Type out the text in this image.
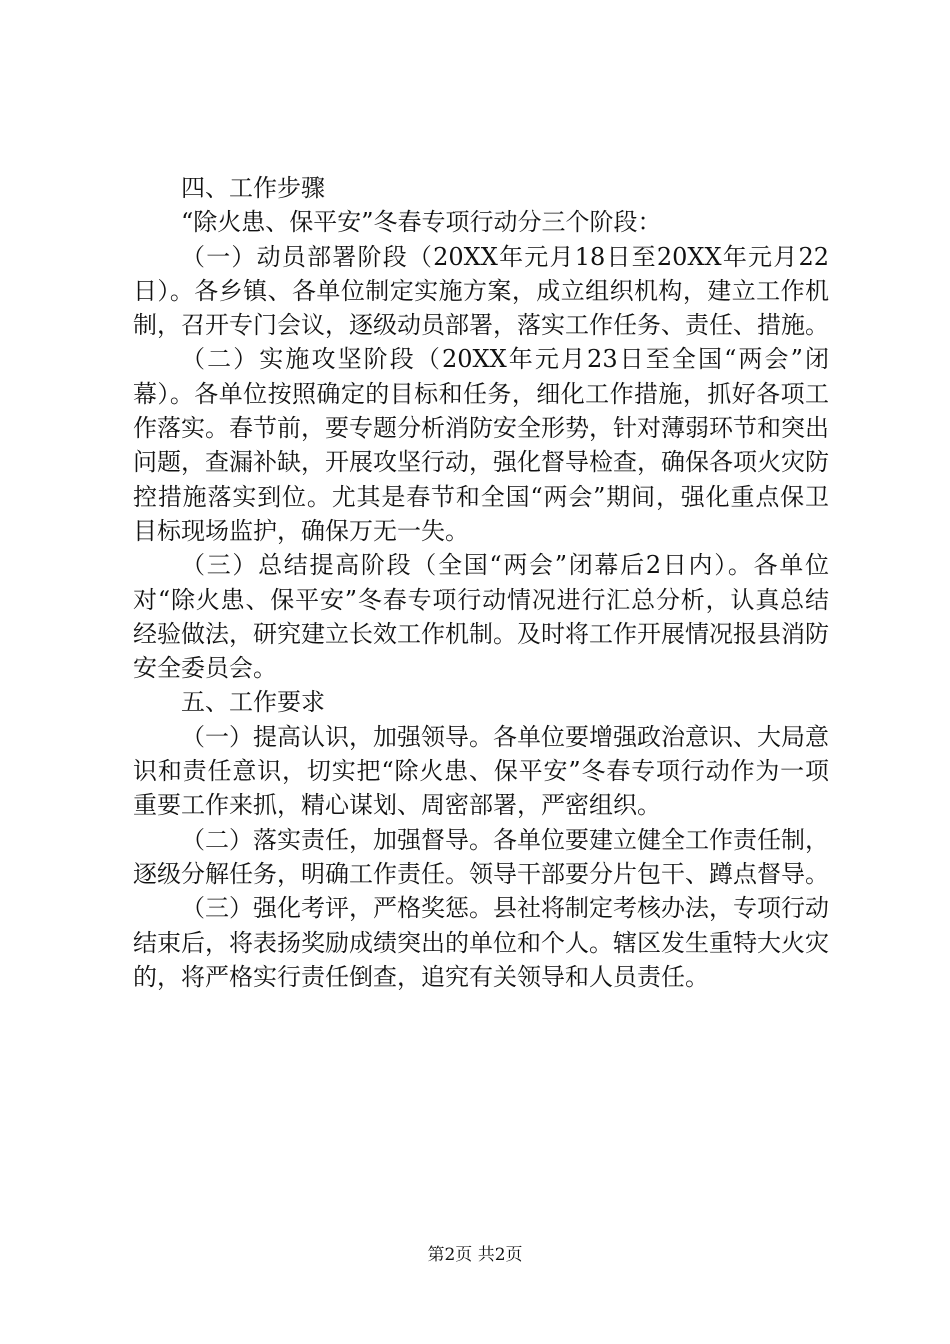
四、工作步骤

“除火患、保平安”冬春专项行动分三个阶段：

（一）动员部署阶段（20XX年元月18日至20XX年元月22日）。各乡镇、各单位制定实施方案，成立组织机构，建立工作机制，召开专门会议，逐级动员部署，落实工作任务、责任、措施。

（二）实施攻坚阶段（20XX年元月23日至全国“两会”闭幕）。各单位按照确定的目标和任务，细化工作措施，抓好各项工作落实。春节前，要专题分析消防安全形势，针对薄弱环节和突出问题，查漏补缺，开展攻坚行动，强化督导检查，确保各项火灾防控措施落实到位。尤其是春节和全国“两会”期间，强化重点保卫目标现场监护，确保万无一失。

（三）总结提高阶段（全国“两会”闭幕后2日内）。各单位对“除火患、保平安”冬春专项行动情况进行汇总分析，认真总结经验做法，研究建立长效工作机制。及时将工作开展情况报县消防安全委员会。

五、工作要求

（一）提高认识，加强领导。各单位要增强政治意识、大局意识和责任意识，切实把“除火患、保平安”冬春专项行动作为一项重要工作来抓，精心谋划、周密部署，严密组织。

（二）落实责任，加强督导。各单位要建立健全工作责任制，逐级分解任务，明确工作责任。领导干部要分片包干、蹲点督导。

（三）强化考评，严格奖惩。县社将制定考核办法，专项行动结束后，将表扬奖励成绩突出的单位和个人。辖区发生重特大火灾的，将严格实行责任倒查，追究有关领导和人员责任。

第2页 共2页
